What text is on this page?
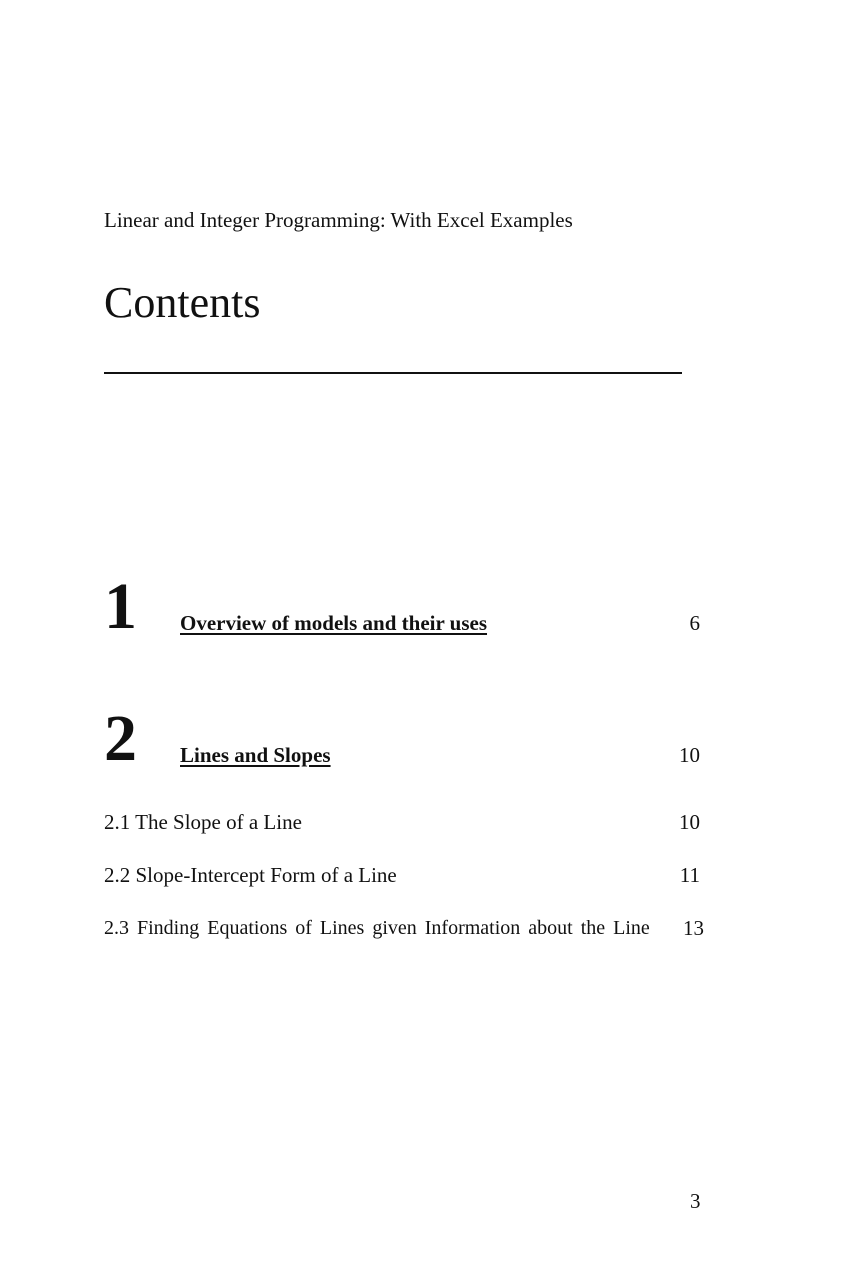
Linear and Integer Programming: With Excel Examples
Contents
1 Overview of models and their uses	6
2 Lines and Slopes	10
2.1 The Slope of a Line	10
2.2 Slope-Intercept Form of a Line	11
2.3 Finding Equations of Lines given Information about the Line 13
3
